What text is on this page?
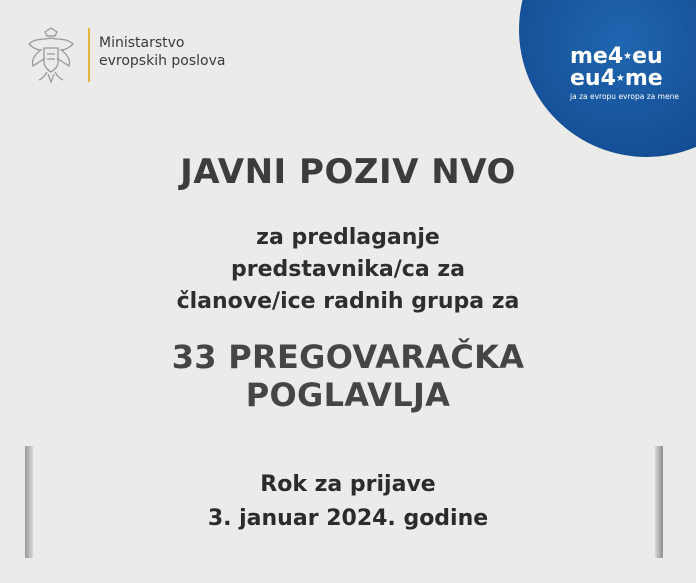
Ministarstvo
evropskih poslova	me4★eu
eu4★me
ja za evropu evropa za mene
JAVNI POZIV NVO
za predlaganje
predstavnika/ca za
članove/ice radnih grupa za
33 PREGOVARAČKA
POGLAVLJA
Rok za prijave
3. januar 2024. godine
